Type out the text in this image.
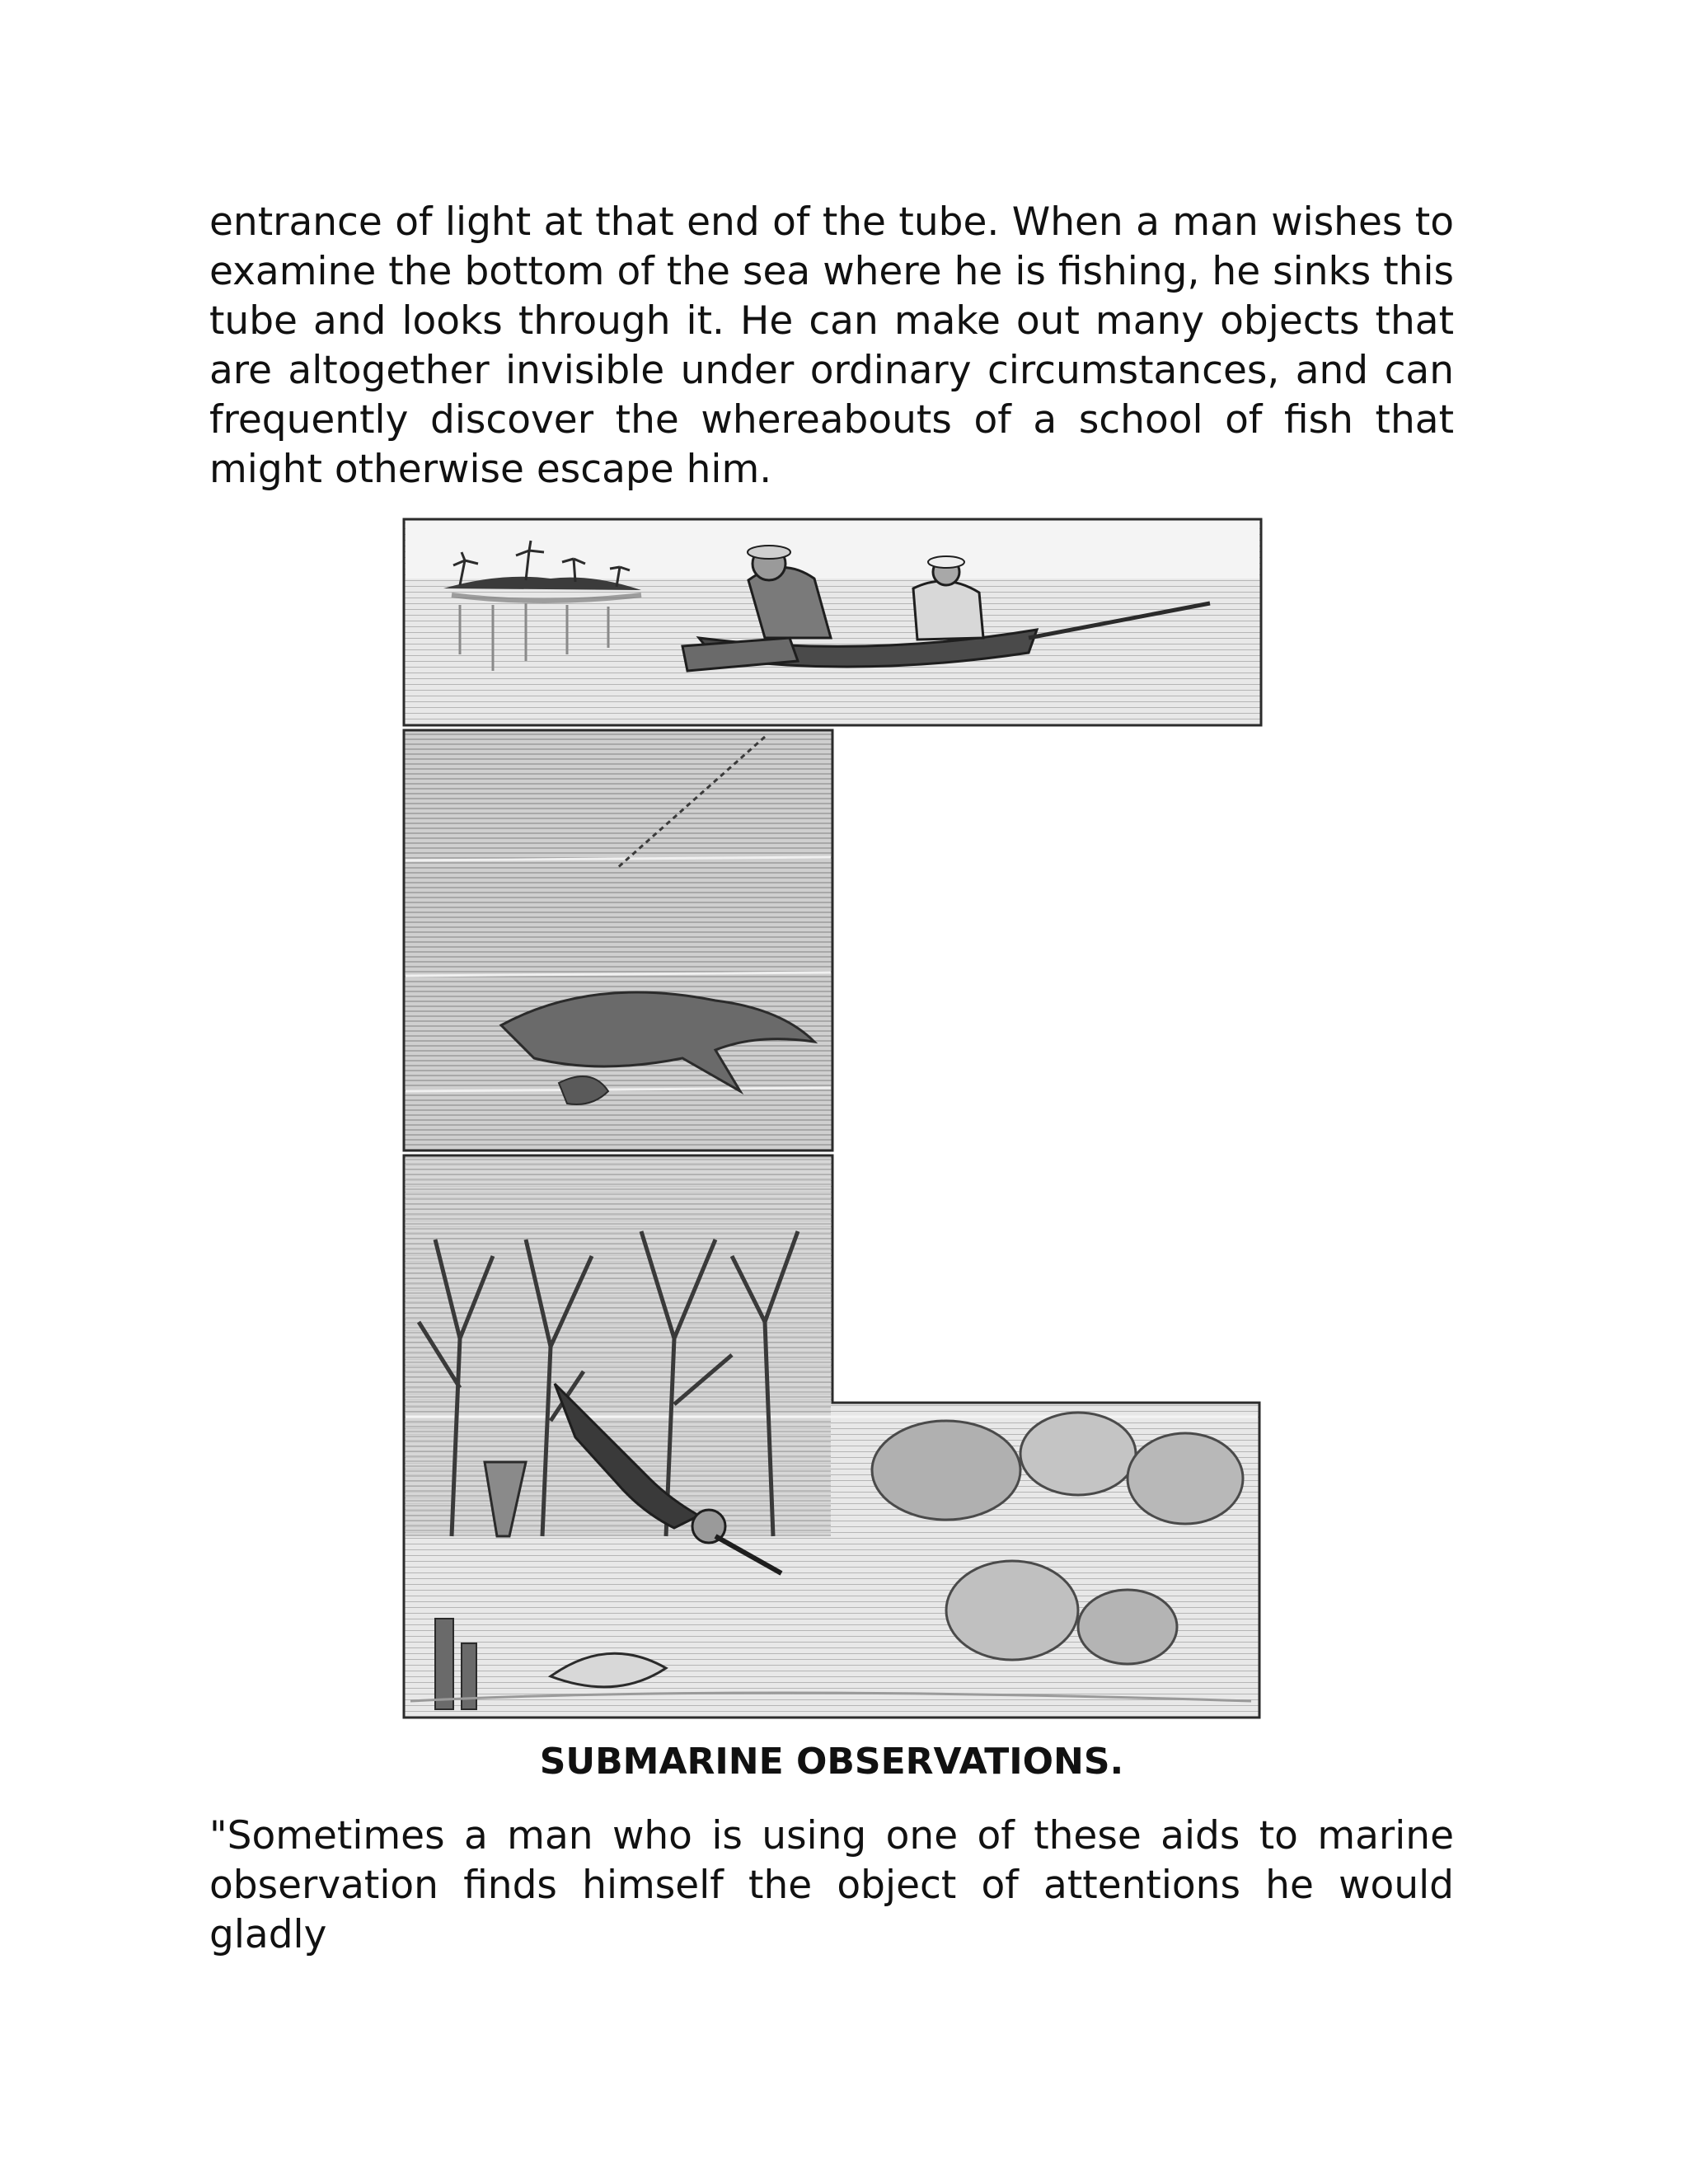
entrance of light at that end of the tube. When a man wishes to examine the bottom of the sea where he is fishing, he sinks this tube and looks through it. He can make out many objects that are altogether invisible under ordinary circumstances, and can frequently discover the whereabouts of a school of fish that might otherwise escape him.

SUBMARINE OBSERVATIONS.

"Sometimes a man who is using one of these aids to marine observation finds himself the object of attentions he would gladly
